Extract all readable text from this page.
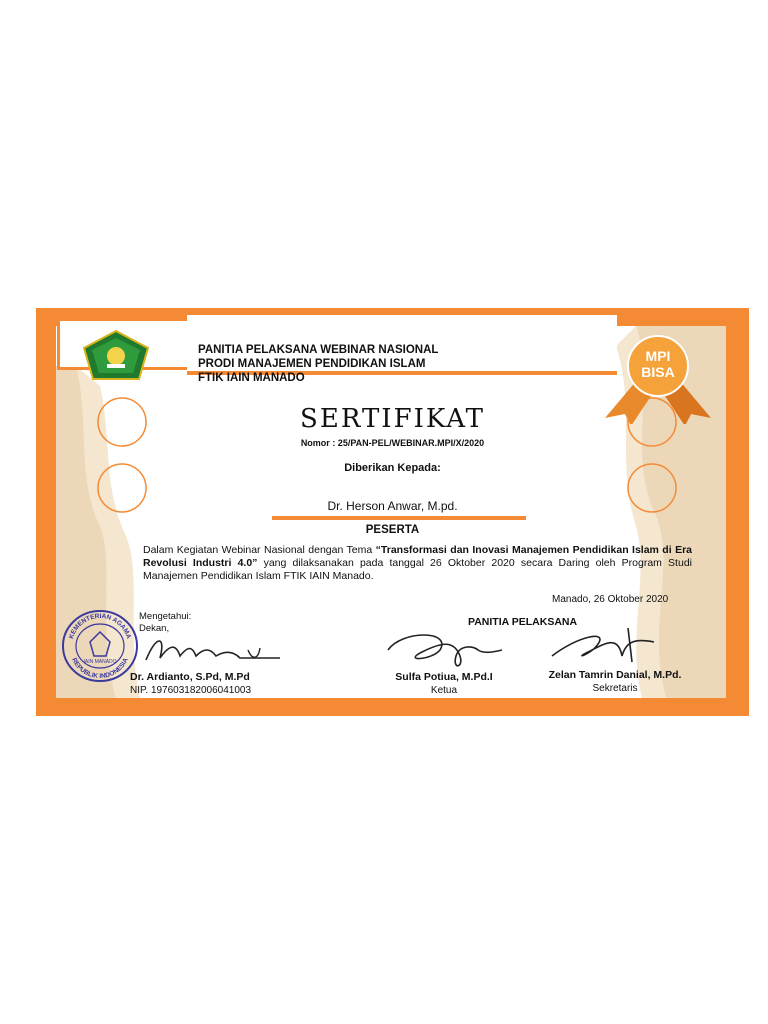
PANITIA PELAKSANA WEBINAR NASIONAL
PRODI MANAJEMEN PENDIDIKAN ISLAM
FTIK IAIN MANADO
MPI
BISA
SERTIFIKAT
Nomor : 25/PAN-PEL/WEBINAR.MPI/X/2020
Diberikan Kepada:
Dr. Herson Anwar, M.pd.
PESERTA
Dalam Kegiatan Webinar Nasional dengan Tema “Transformasi dan Inovasi Manajemen Pendidikan Islam di Era Revolusi Industri 4.0” yang dilaksanakan pada tanggal 26 Oktober 2020 secara Daring oleh Program Studi Manajemen Pendidikan Islam FTIK IAIN Manado.
Manado, 26 Oktober 2020
KEMENTERIAN AGAMA
REPUBLIK INDONESIA
IAIN MANADO
Mengetahui:
Dekan,
PANITIA PELAKSANA
Dr. Ardianto, S.Pd, M.Pd
NIP. 197603182006041003
Sulfa Potiua, M.Pd.I
Ketua
Zelan Tamrin Danial, M.Pd.
Sekretaris
